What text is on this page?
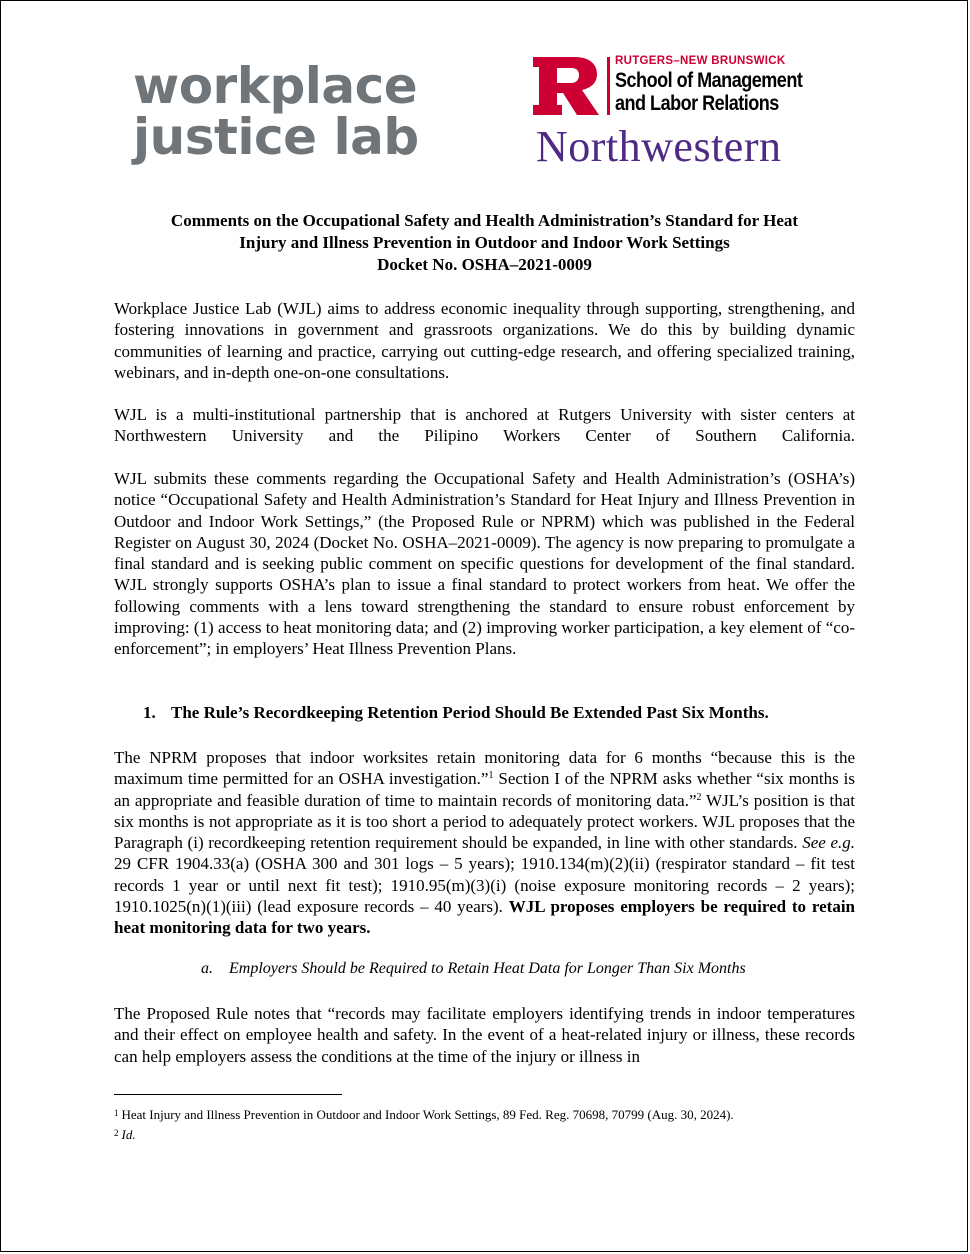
workplace
justice lab
RUTGERS–NEW BRUNSWICK
School of Management
and Labor Relations
Northwestern
Comments on the Occupational Safety and Health Administration’s Standard for Heat
Injury and Illness Prevention in Outdoor and Indoor Work Settings
Docket No. OSHA–2021-0009
Workplace Justice Lab (WJL) aims to address economic inequality through supporting, strengthening, and fostering innovations in government and grassroots organizations. We do this by building dynamic communities of learning and practice, carrying out cutting-edge research, and offering specialized training, webinars, and in-depth one-on-one consultations.
WJL is a multi-institutional partnership that is anchored at Rutgers University with sister centers at Northwestern University and the Pilipino Workers Center of Southern California.
WJL submits these comments regarding the Occupational Safety and Health Administration’s (OSHA’s) notice “Occupational Safety and Health Administration’s Standard for Heat Injury and Illness Prevention in Outdoor and Indoor Work Settings,” (the Proposed Rule or NPRM) which was published in the Federal Register on August 30, 2024 (Docket No. OSHA–2021-0009). The agency is now preparing to promulgate a final standard and is seeking public comment on specific questions for development of the final standard. WJL strongly supports OSHA’s plan to issue a final standard to protect workers from heat. We offer the following comments with a lens toward strengthening the standard to ensure robust enforcement by improving: (1) access to heat monitoring data; and (2) improving worker participation, a key element of “co-enforcement”; in employers’ Heat Illness Prevention Plans.
1. The Rule’s Recordkeeping Retention Period Should Be Extended Past Six Months.
The NPRM proposes that indoor worksites retain monitoring data for 6 months “because this is the maximum time permitted for an OSHA investigation.”$^1$ Section I of the NPRM asks whether “six months is an appropriate and feasible duration of time to maintain records of monitoring data.”$^2$ WJL’s position is that six months is not appropriate as it is too short a period to adequately protect workers. WJL proposes that the Paragraph (i) recordkeeping retention requirement should be expanded, in line with other standards. See e.g. 29 CFR 1904.33(a) (OSHA 300 and 301 logs – 5 years); 1910.134(m)(2)(ii) (respirator standard – fit test records 1 year or until next fit test); 1910.95(m)(3)(i) (noise exposure monitoring records – 2 years); 1910.1025(n)(1)(iii) (lead exposure records – 40 years). WJL proposes employers be required to retain heat monitoring data for two years.
a. Employers Should be Required to Retain Heat Data for Longer Than Six Months
The Proposed Rule notes that “records may facilitate employers identifying trends in indoor temperatures and their effect on employee health and safety. In the event of a heat-related injury or illness, these records can help employers assess the conditions at the time of the injury or illness in
$^1$ Heat Injury and Illness Prevention in Outdoor and Indoor Work Settings, 89 Fed. Reg. 70698, 70799 (Aug. 30, 2024).
$^2$ Id.
